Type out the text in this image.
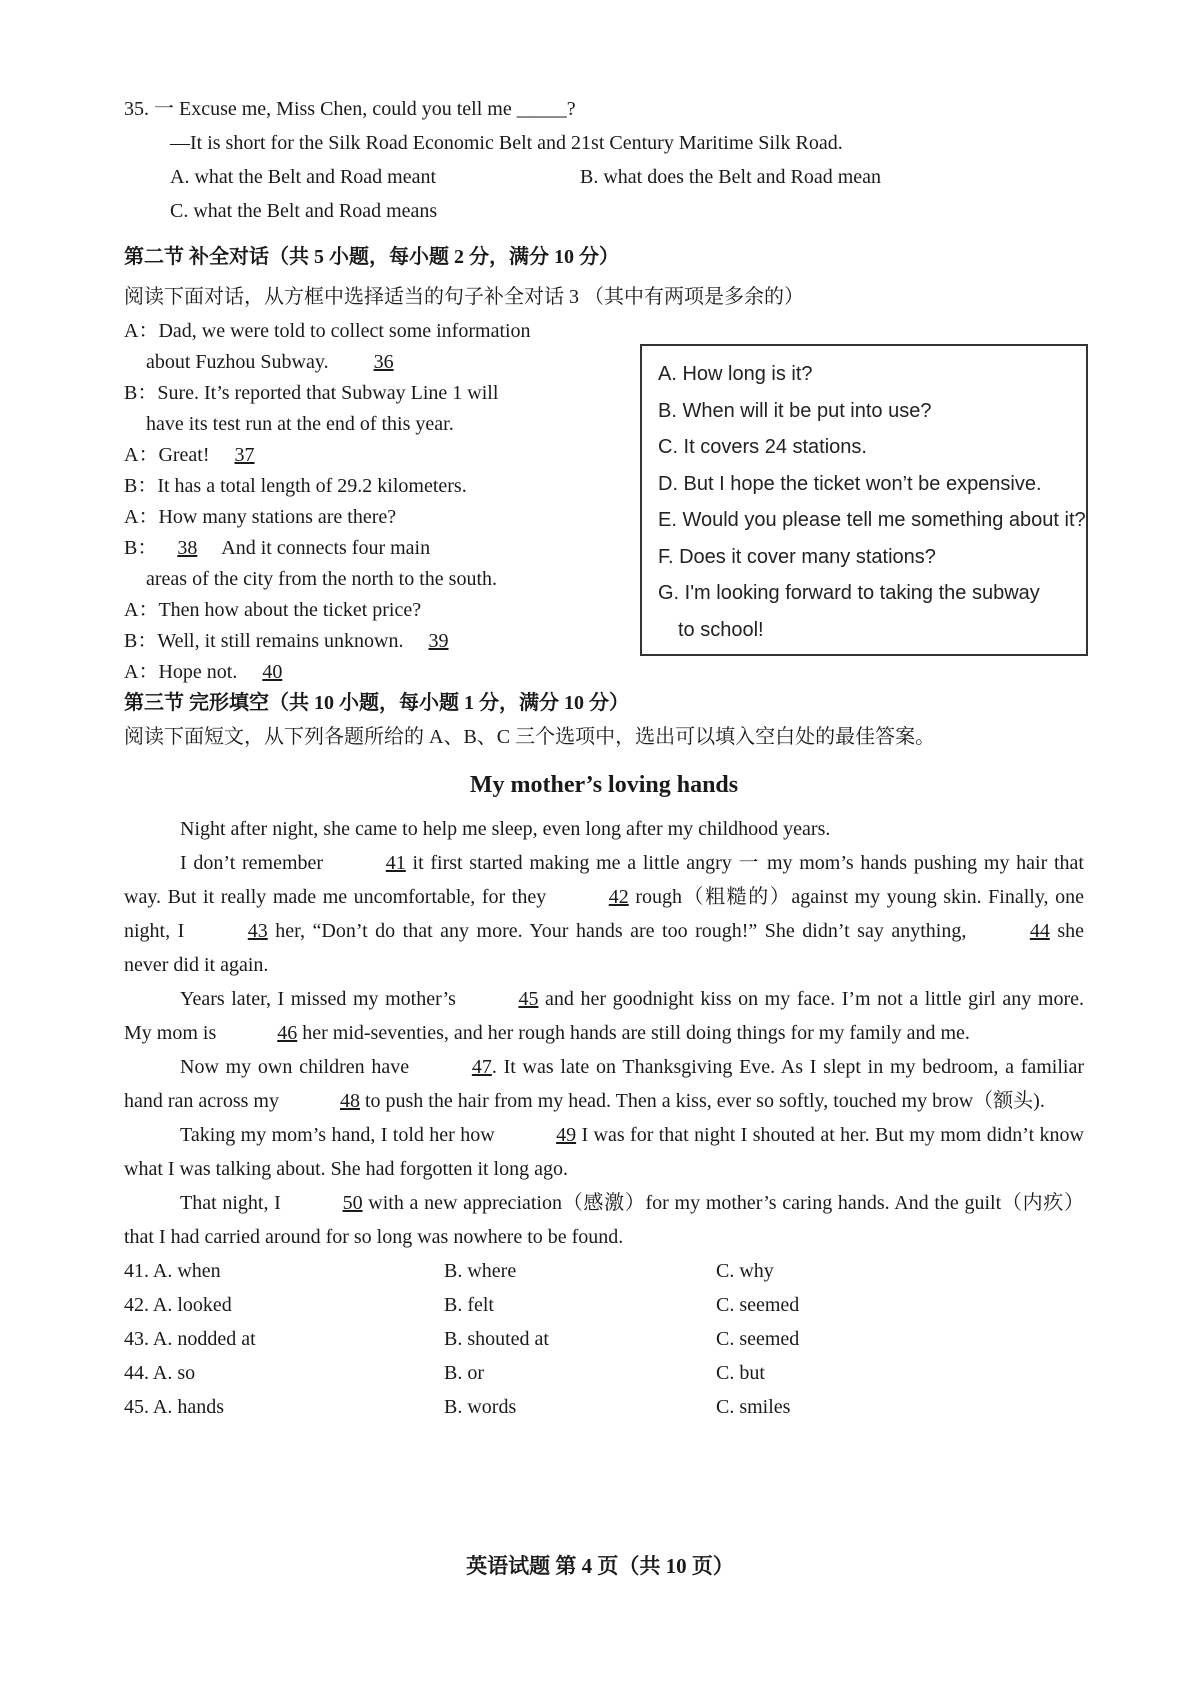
35. 一 Excuse me, Miss Chen, could you tell me _____?
—It is short for the Silk Road Economic Belt and 21st Century Maritime Silk Road.
A. what the Belt and Road meant	B. what does the Belt and Road mean
C. what the Belt and Road means
第二节 补全对话（共 5 小题，每小题 2 分，满分 10 分）
阅读下面对话，从方框中选择适当的句子补全对话 3 （其中有两项是多余的）
A：Dad, we were told to collect some information
about Fuzhou Subway. 36
B：Sure. It’s reported that Subway Line 1 will
have its test run at the end of this year.
A：Great! 37
B：It has a total length of 29.2 kilometers.
A：How many stations are there?
B： 38 And it connects four main
areas of the city from the north to the south.
A：Then how about the ticket price?
B：Well, it still remains unknown. 39
A：Hope not. 40
A. How long is it?
B. When will it be put into use?
C. It covers 24 stations.
D. But I hope the ticket won’t be expensive.
E. Would you please tell me something about it?
F. Does it cover many stations?
G. I'm looking forward to taking the subway
to school!
第三节 完形填空（共 10 小题，每小题 1 分，满分 10 分）
阅读下面短文，从下列各题所给的 A、B、C 三个选项中，选出可以填入空白处的最佳答案。
My mother’s loving hands
Night after night, she came to help me sleep, even long after my childhood years.
I don’t remember	41 it first started making me a little angry 一 my mom’s hands pushing my hair that way. But it really made me uncomfortable, for they	42 rough（粗糙的）against my young skin. Finally, one night, I	43 her, “Don’t do that any more. Your hands are too rough!” She didn’t say anything,	44 she never did it again.
Years later, I missed my mother’s	45 and her goodnight kiss on my face. I’m not a little girl any more. My mom is	46 her mid-seventies, and her rough hands are still doing things for my family and me.
Now my own children have	47. It was late on Thanksgiving Eve. As I slept in my bedroom, a familiar hand ran across my	48 to push the hair from my head. Then a kiss, ever so softly, touched my brow（额头).
Taking my mom’s hand, I told her how	49 I was for that night I shouted at her. But my mom didn’t know what I was talking about. She had forgotten it long ago.
That night, I	50 with a new appreciation（感激）for my mother’s caring hands. And the guilt（内疚）that I had carried around for so long was nowhere to be found.
41. A. when	B. where	C. why
42. A. looked	B. felt	C. seemed
43. A. nodded at	B. shouted at	C. seemed
44. A. so	B. or	C. but
45. A. hands	B. words	C. smiles
英语试题 第 4 页（共 10 页）
